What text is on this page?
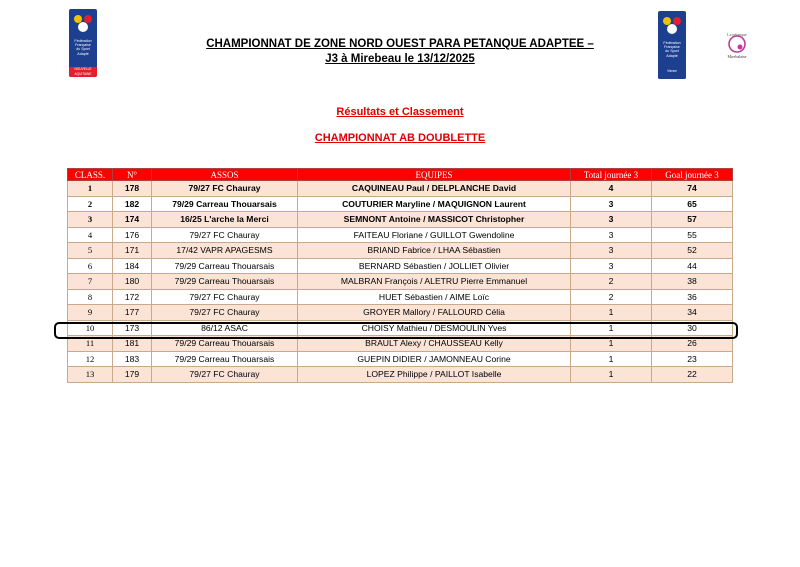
Fédération
Française
du Sport
Adapté
NOUVELLE AQUITAINE
Fédération
Française
du Sport
Adapté
Vienne
La pétanque
Mirebalaise
CHAMPIONNAT DE ZONE NORD OUEST PARA PETANQUE ADAPTEE –
J3 à Mirebeau le 13/12/2025
Résultats et Classement
CHAMPIONNAT AB DOUBLETTE
CLASS.	N°	ASSOS	EQUIPES	Total journée 3	Goal journée 3
1	178	79/27 FC Chauray	CAQUINEAU Paul / DELPLANCHE David	4	74
2	182	79/29 Carreau Thouarsais	COUTURIER Maryline / MAQUIGNON Laurent	3	65
3	174	16/25 L'arche la Merci	SEMNONT Antoine / MASSICOT Christopher	3	57
4	176	79/27 FC Chauray	FAITEAU Floriane / GUILLOT Gwendoline	3	55
5	171	17/42 VAPR APAGESMS	BRIAND Fabrice / LHAA Sébastien	3	52
6	184	79/29 Carreau Thouarsais	BERNARD Sébastien / JOLLIET Olivier	3	44
7	180	79/29 Carreau Thouarsais	MALBRAN François / ALETRU Pierre Emmanuel	2	38
8	172	79/27 FC Chauray	HUET Sébastien / AIME Loïc	2	36
9	177	79/27 FC Chauray	GROYER Mallory / FALLOURD Célia	1	34
10	173	86/12 ASAC	CHOISY Mathieu / DESMOULIN Yves	1	30
11	181	79/29 Carreau Thouarsais	BRAULT Alexy / CHAUSSEAU Kelly	1	26
12	183	79/29 Carreau Thouarsais	GUEPIN DIDIER / JAMONNEAU Corine	1	23
13	179	79/27 FC Chauray	LOPEZ Philippe / PAILLOT Isabelle	1	22
